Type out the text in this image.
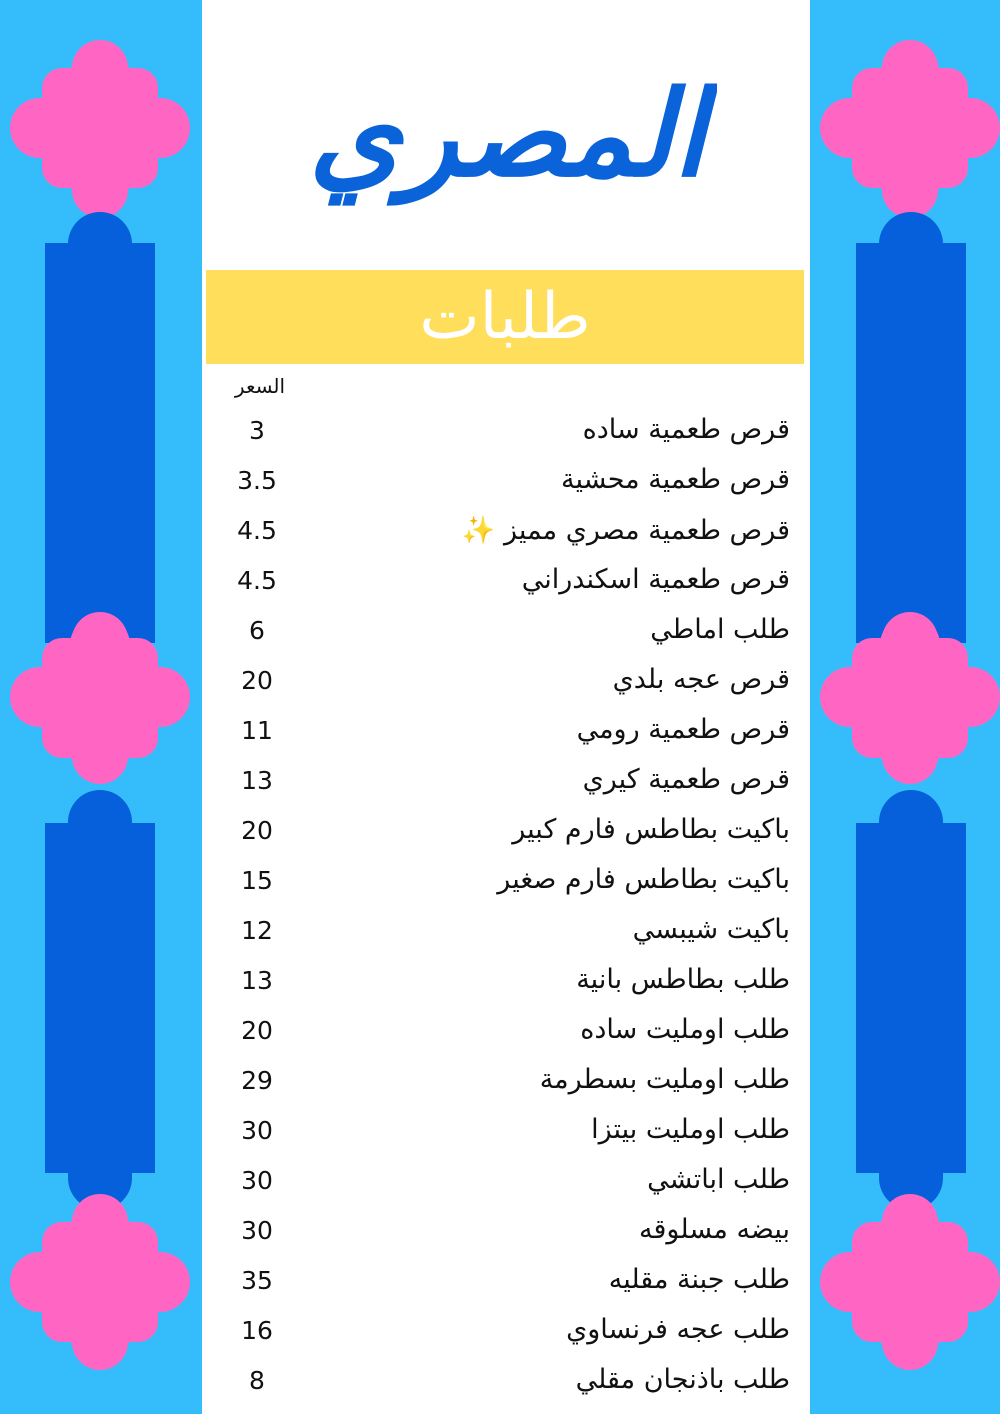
المصري
طلبات
السعر
قرص طعمية ساده
3
قرص طعمية محشية
3.5
قرص طعمية مصري مميز ✨
4.5
قرص طعمية اسكندراني
4.5
طلب اماطي
6
قرص عجه بلدي
20
قرص طعمية رومي
11
قرص طعمية كيري
13
باكيت بطاطس فارم كبير
20
باكيت بطاطس فارم صغير
15
باكيت شيبسي
12
طلب بطاطس بانية
13
طلب اومليت ساده
20
طلب اومليت بسطرمة
29
طلب اومليت بيتزا
30
طلب اباتشي
30
بيضه مسلوقه
30
طلب جبنة مقليه
35
طلب عجه فرنساوي
16
طلب باذنجان مقلي
8
